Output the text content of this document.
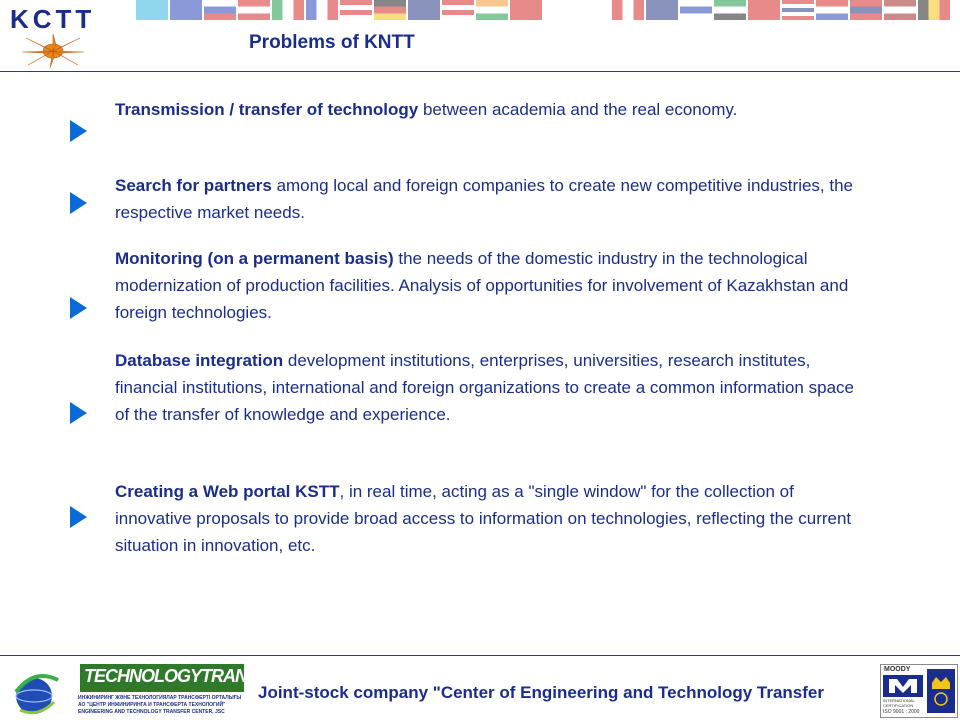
KCTT
Problems of KNTT
Transmission / transfer of technology between academia and the real economy.
Search for partners among local and foreign companies to create new competitive industries, the respective market needs.
Monitoring (on a permanent basis) the needs of the domestic industry in the technological modernization of production facilities. Analysis of opportunities for involvement of Kazakhstan and foreign technologies.
Database integration development institutions, enterprises, universities, research institutes, financial institutions, international and foreign organizations to create a common information space of the transfer of knowledge and experience.
Creating a Web portal KSTT, in real time, acting as a "single window" for the collection of innovative proposals to provide broad access to information on technologies, reflecting the current situation in innovation, etc.
TECHNOLOGYTRANSFER
ИНЖИНИРИНГ ЖӘНЕ ТЕХНОЛОГИЯЛАР ТРАНСФЕРТІ ОРТАЛЫҒЫ
АО "ЦЕНТР ИНЖИНИРИНГА И ТРАНСФЕРТА ТЕХНОЛОГИЙ"
ENGINEERING AND TECHNOLOGY TRANSFER CENTER, JSC
Joint-stock company "Center of Engineering and Technology Transfer
MOODY
INTERNATIONAL CERTIFICATION
ISO 9001 : 2000
